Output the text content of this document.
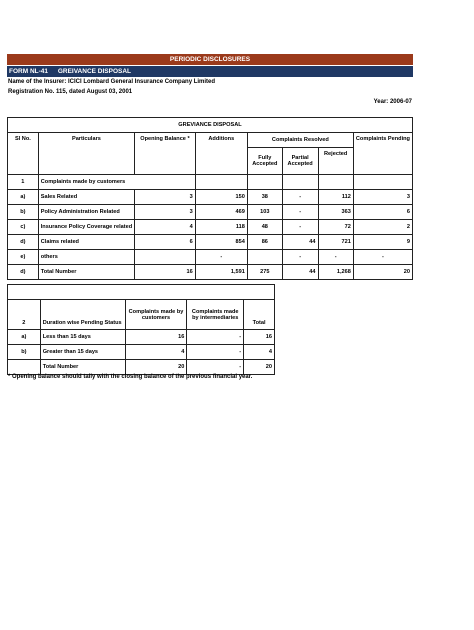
PERIODIC DISCLOSURES
FORM NL-41 GREIVANCE DISPOSAL
Name of the Insurer: ICICI Lombard General Insurance Company Limited
Registration No. 115, dated August 03, 2001
Year: 2006-07
GREVIANCE DISPOSAL							
Sl No.	Particulars	Opening Balance *	Additions	Complaints Resolved			Complaints Pending
				Fully Accepted	Partial Accepted	Rejected	
1	Complaints made by customers						
a)	Sales Related	3	150	38	-	112	3
b)	Policy Administration Related	3	469	103	-	363	6
c)	Insurance Policy Coverage related	4	118	48	-	72	2
d)	Claims related	6	854	86	44	721	9
e)	others		-		-	-	-
d)	Total Number	16	1,591	275	44	1,268	20

2	Duration wise Pending Status	Complaints made by customers	Complaints made by intermediaries	Total
a)	Less than 15 days	16	-	16
b)	Greater than 15 days	4	-	4
	Total Number	20	-	20
* Opening balance should tally with the closing balance of the previous financial year.
